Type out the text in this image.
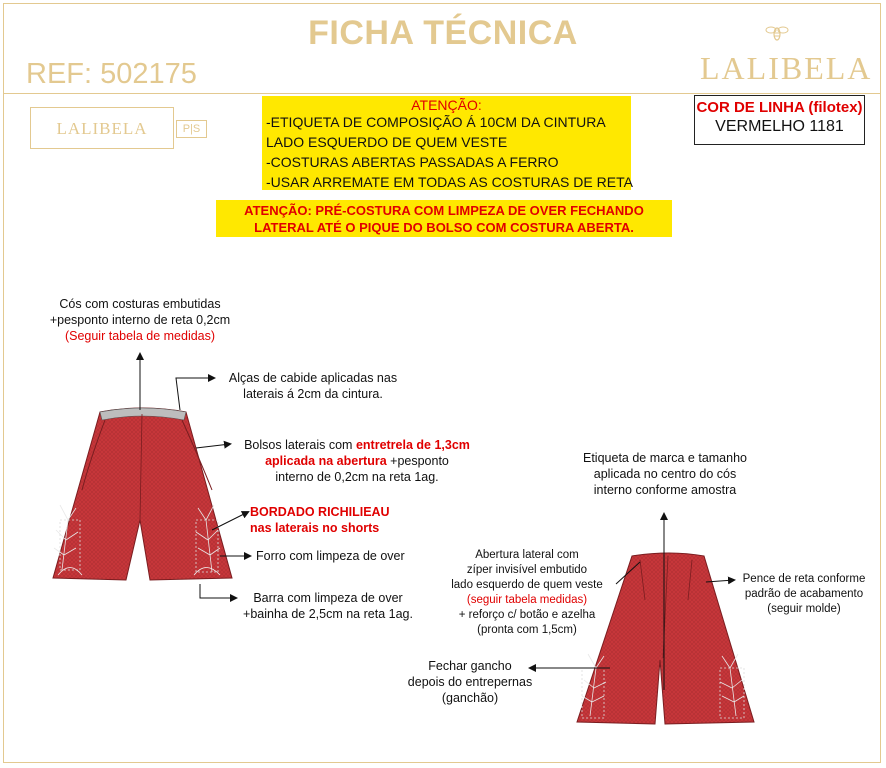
FICHA TÉCNICA
REF: 502175	LALIBELA
LALIBELA	P|S
ATENÇÃO:
-ETIQUETA DE COMPOSIÇÃO Á 10CM DA CINTURA
LADO ESQUERDO DE QUEM VESTE
-COSTURAS ABERTAS PASSADAS A FERRO
-USAR ARREMATE EM TODAS AS COSTURAS DE RETA
ATENÇÃO: PRÉ-COSTURA COM LIMPEZA DE OVER FECHANDO
LATERAL ATÉ O PIQUE DO BOLSO COM COSTURA ABERTA.
COR DE LINHA (filotex)
VERMELHO 1181
Cós com costuras embutidas
+pesponto interno de reta 0,2cm
(Seguir tabela de medidas)
Alças de cabide aplicadas nas
laterais á 2cm da cintura.
Bolsos laterais com entretrela de 1,3cm
aplicada na abertura +pesponto
interno de 0,2cm na reta 1ag.
BORDADO RICHILIEAU
nas laterais no shorts
Forro com limpeza de over
Barra com limpeza de over
+bainha de 2,5cm na reta 1ag.
Etiqueta de marca e tamanho
aplicada no centro do cós
interno conforme amostra
Abertura lateral com
zíper invisível embutido
lado esquerdo de quem veste
(seguir tabela medidas)
+ reforço c/ botão e azelha
(pronta com 1,5cm)
Pence de reta conforme
padrão de acabamento
(seguir molde)
Fechar gancho
depois do entrepernas
(ganchão)
